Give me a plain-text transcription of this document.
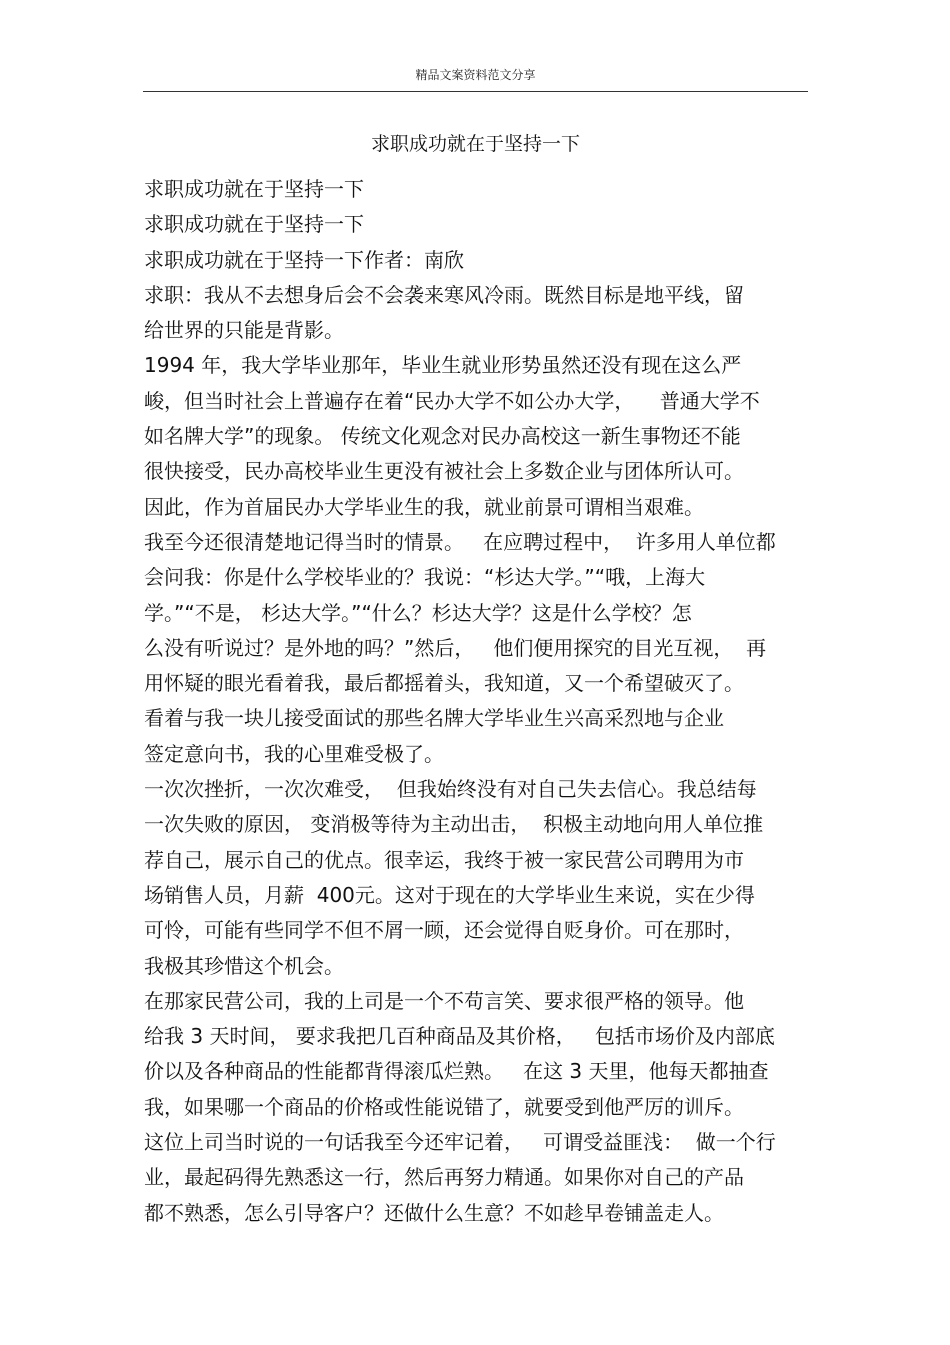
精品文案资料范文分享
求职成功就在于坚持一下
求职成功就在于坚持一下
求职成功就在于坚持一下
求职成功就在于坚持一下作者：南欣
求职：我从不去想身后会不会袭来寒风冷雨。既然目标是地平线，留
给世界的只能是背影。
1994 年，我大学毕业那年，毕业生就业形势虽然还没有现在这么严
峻，但当时社会上普遍存在着“民办大学不如公办大学，    普通大学不
如名牌大学”的现象。 传统文化观念对民办高校这一新生事物还不能
很快接受，民办高校毕业生更没有被社会上多数企业与团体所认可。
因此，作为首届民办大学毕业生的我，就业前景可谓相当艰难。
我至今还很清楚地记得当时的情景。   在应聘过程中，  许多用人单位都
会问我：你是什么学校毕业的？我说：“杉达大学。”“哦，上海大
学。”“不是， 杉达大学。”“什么？杉达大学？这是什么学校？怎
么没有听说过？是外地的吗？”然后，   他们便用探究的目光互视，  再
用怀疑的眼光看着我，最后都摇着头，我知道，又一个希望破灭了。
看着与我一块儿接受面试的那些名牌大学毕业生兴高采烈地与企业
签定意向书，我的心里难受极了。
一次次挫折，一次次难受，  但我始终没有对自己失去信心。我总结每
一次失败的原因， 变消极等待为主动出击，  积极主动地向用人单位推
荐自己，展示自己的优点。很幸运，我终于被一家民营公司聘用为市
场销售人员，月薪  400元。这对于现在的大学毕业生来说，实在少得
可怜，可能有些同学不但不屑一顾，还会觉得自贬身价。可在那时，
我极其珍惜这个机会。
在那家民营公司，我的上司是一个不苟言笑、要求很严格的领导。他
给我 3 天时间， 要求我把几百种商品及其价格，   包括市场价及内部底
价以及各种商品的性能都背得滚瓜烂熟。   在这 3 天里，他每天都抽查
我，如果哪一个商品的价格或性能说错了，就要受到他严厉的训斥。
这位上司当时说的一句话我至今还牢记着，   可谓受益匪浅：  做一个行
业，最起码得先熟悉这一行，然后再努力精通。如果你对自己的产品
都不熟悉，怎么引导客户？还做什么生意？不如趁早卷铺盖走人。
